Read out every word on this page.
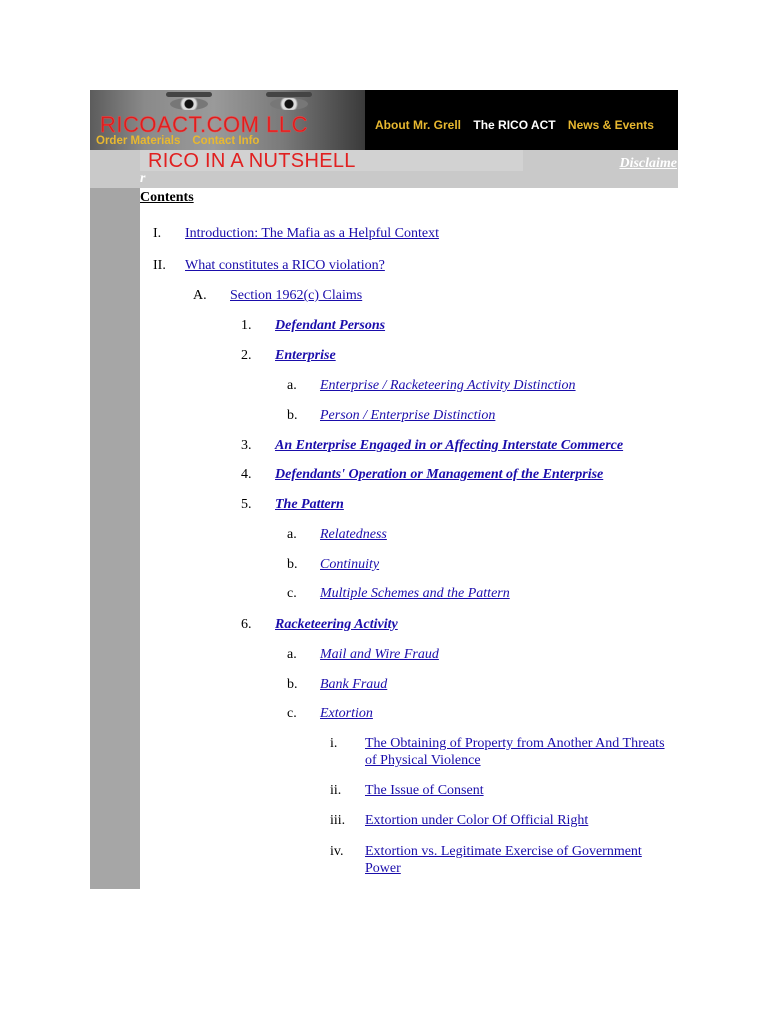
RICOACT.COM LLC	About Mr. Grell The RICO ACT News & Events
Order Materials Contact Info
RICO IN A NUTSHELL	Disclaime
r
Contents
I. Introduction: The Mafia as a Helpful Context
II. What constitutes a RICO violation?
A. Section 1962(c) Claims
1. Defendant Persons
2. Enterprise
a. Enterprise / Racketeering Activity Distinction
b. Person / Enterprise Distinction
3. An Enterprise Engaged in or Affecting Interstate Commerce
4. Defendants' Operation or Management of the Enterprise
5. The Pattern
a. Relatedness
b. Continuity
c. Multiple Schemes and the Pattern
6. Racketeering Activity
a. Mail and Wire Fraud
b. Bank Fraud
c. Extortion
i. The Obtaining of Property from Another And Threats of Physical Violence
ii. The Issue of Consent
iii. Extortion under Color Of Official Right
iv. Extortion vs. Legitimate Exercise of Government Power
